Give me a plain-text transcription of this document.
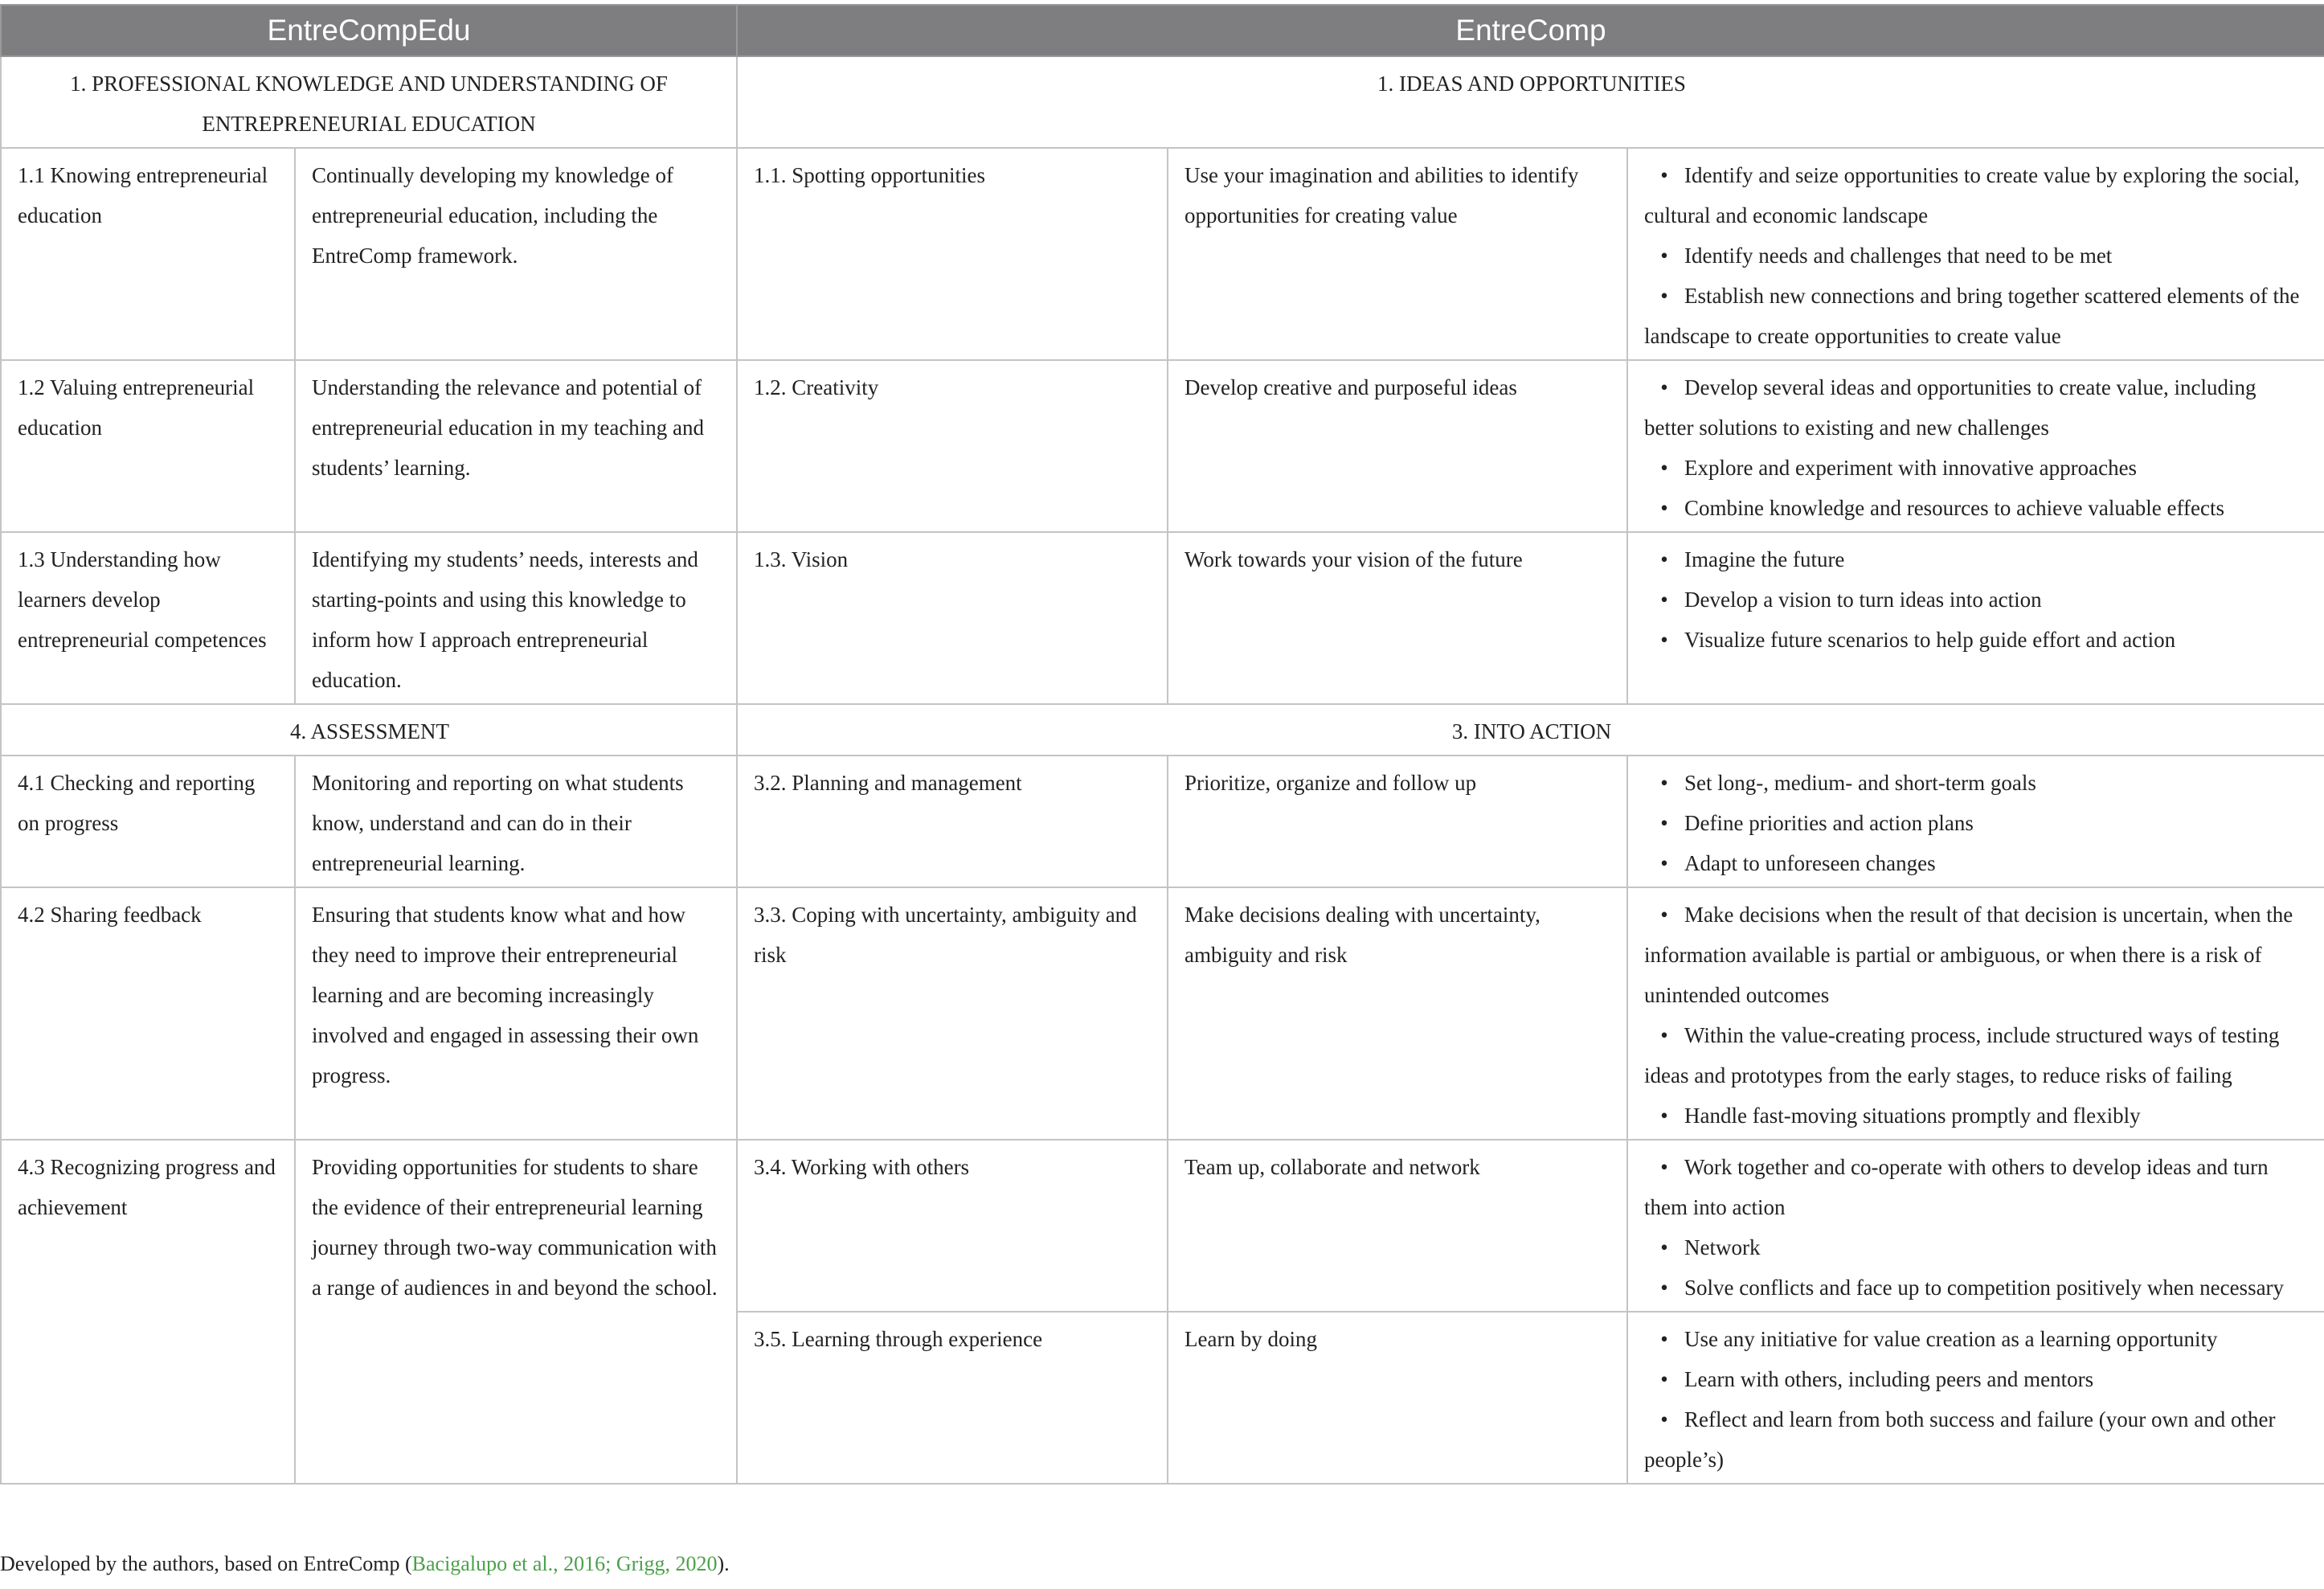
EntreCompEdu		EntreComp		
1. PROFESSIONAL KNOWLEDGE AND UNDERSTANDING OF ENTREPRENEURIAL EDUCATION		1. IDEAS AND OPPORTUNITIES		
1.1 Knowing entrepreneurial education	Continually developing my knowledge of entrepreneurial education, including the EntreComp framework.	1.1. Spotting opportunities	Use your imagination and abilities to identify opportunities for creating value	• Identify and seize opportunities to create value by exploring the social, cultural and economic landscape
• Identify needs and challenges that need to be met
• Establish new connections and bring together scattered elements of the landscape to create opportunities to create value

1.2 Valuing entrepreneurial education	Understanding the relevance and potential of entrepreneurial education in my teaching and students’ learning.	1.2. Creativity	Develop creative and purposeful ideas	• Develop several ideas and opportunities to create value, including better solutions to existing and new challenges
• Explore and experiment with innovative approaches
• Combine knowledge and resources to achieve valuable effects

1.3 Understanding how learners develop entrepreneurial competences	Identifying my students’ needs, interests and starting-points and using this knowledge to inform how I approach entrepreneurial education.	1.3. Vision	Work towards your vision of the future	• Imagine the future
• Develop a vision to turn ideas into action
• Visualize future scenarios to help guide effort and action

4. ASSESSMENT		3. INTO ACTION		
4.1 Checking and reporting on progress	Monitoring and reporting on what students know, understand and can do in their entrepreneurial learning.	3.2. Planning and management	Prioritize, organize and follow up	• Set long-, medium- and short-term goals
• Define priorities and action plans
• Adapt to unforeseen changes

4.2 Sharing feedback	Ensuring that students know what and how they need to improve their entrepreneurial learning and are becoming increasingly involved and engaged in assessing their own progress.	3.3. Coping with uncertainty, ambiguity and risk	Make decisions dealing with uncertainty, ambiguity and risk	• Make decisions when the result of that decision is uncertain, when the information available is partial or ambiguous, or when there is a risk of unintended outcomes
• Within the value-creating process, include structured ways of testing ideas and prototypes from the early stages, to reduce risks of failing
• Handle fast-moving situations promptly and flexibly

4.3 Recognizing progress and achievement	Providing opportunities for students to share the evidence of their entrepreneurial learning journey through two-way communication with a range of audiences in and beyond the school.	3.4. Working with others	Team up, collaborate and network	• Work together and co-operate with others to develop ideas and turn them into action
• Network
• Solve conflicts and face up to competition positively when necessary

		3.5. Learning through experience	Learn by doing	• Use any initiative for value creation as a learning opportunity
• Learn with others, including peers and mentors
• Reflect and learn from both success and failure (your own and other people’s)
Developed by the authors, based on EntreComp (Bacigalupo et al., 2016; Grigg, 2020).
